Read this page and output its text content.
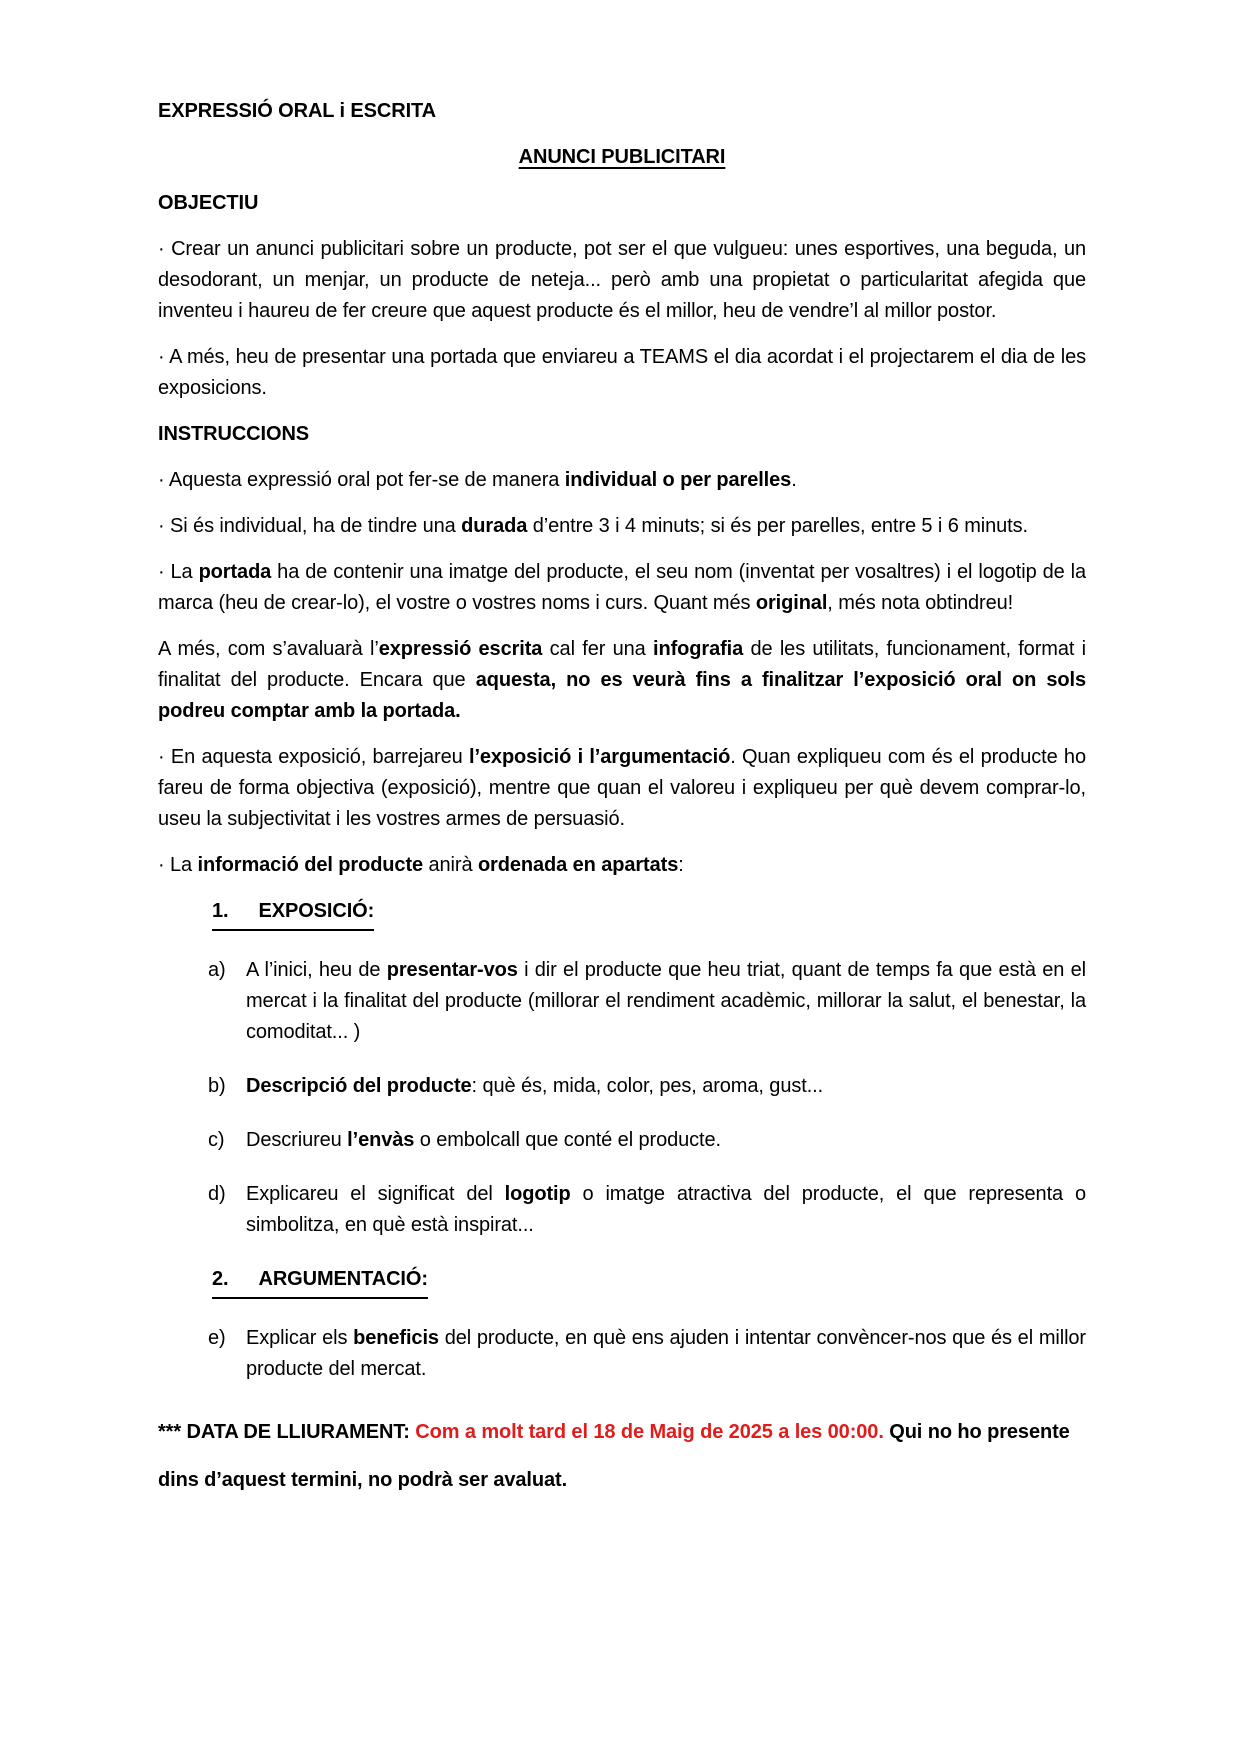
EXPRESSIÓ ORAL i ESCRITA
ANUNCI PUBLICITARI
OBJECTIU
· Crear un anunci publicitari sobre un producte, pot ser el que vulgueu: unes esportives, una beguda, un desodorant, un menjar, un producte de neteja... però amb una propietat o particularitat afegida que inventeu i haureu de fer creure que aquest producte és el millor, heu de vendre’l al millor postor.
· A més, heu de presentar una portada que enviareu a TEAMS el dia acordat i el projectarem el dia de les exposicions.
INSTRUCCIONS
· Aquesta expressió oral pot fer-se de manera individual o per parelles.
· Si és individual, ha de tindre una durada d’entre 3 i 4 minuts; si és per parelles, entre 5 i 6 minuts.
· La portada ha de contenir una imatge del producte, el seu nom (inventat per vosaltres) i el logotip de la marca (heu de crear-lo), el vostre o vostres noms i curs. Quant més original, més nota obtindreu!
A més, com s’avaluarà l’expressió escrita cal fer una infografia de les utilitats, funcionament, format i finalitat del producte. Encara que aquesta, no es veurà fins a finalitzar l’exposició oral on sols podreu comptar amb la portada.
· En aquesta exposició, barrejareu l’exposició i l’argumentació. Quan expliqueu com és el producte ho fareu de forma objectiva (exposició), mentre que quan el valoreu i expliqueu per què devem comprar-lo, useu la subjectivitat i les vostres armes de persuasió.
· La informació del producte anirà ordenada en apartats:
1. EXPOSICIÓ:
a) A l’inici, heu de presentar-vos i dir el producte que heu triat, quant de temps fa que està en el mercat i la finalitat del producte (millorar el rendiment acadèmic, millorar la salut, el benestar, la comoditat... )
b) Descripció del producte: què és, mida, color, pes, aroma, gust...
c) Descriureu l’envàs o embolcall que conté el producte.
d) Explicareu el significat del logotip o imatge atractiva del producte, el que representa o simbolitza, en què està inspirat...
2. ARGUMENTACIÓ:
e) Explicar els beneficis del producte, en què ens ajuden i intentar convèncer-nos que és el millor producte del mercat.
*** DATA DE LLIURAMENT: Com a molt tard el 18 de Maig de 2025 a les 00:00. Qui no ho presente dins d’aquest termini, no podrà ser avaluat.
